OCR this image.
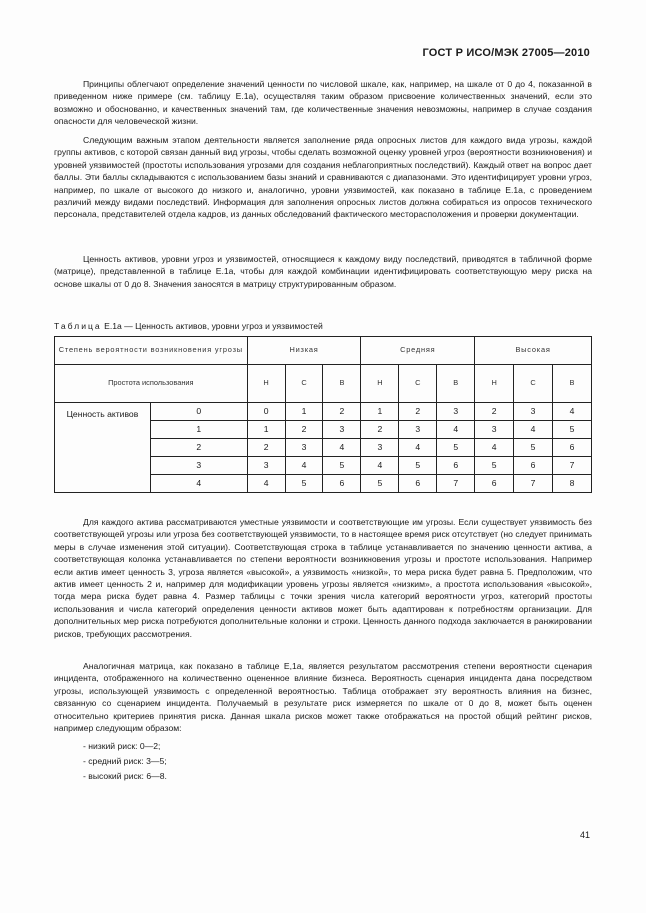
ГОСТ Р ИСО/МЭК 27005—2010

Принципы облегчают определение значений ценности по числовой шкале, как, например, на шкале от 0 до 4, показанной в приведенном ниже примере (см. таблицу Е.1а), осуществляя таким образом присвоение количественных значений, если это возможно и обоснованно, и качественных значений там, где количественные значения невозможны, например в случае создания опасности для человеческой жизни.

Следующим важным этапом деятельности является заполнение ряда опросных листов для каждого вида угрозы, каждой группы активов, с которой связан данный вид угрозы, чтобы сделать возможной оценку уровней угроз (вероятности возникновения) и уровней уязвимостей (простоты использования угрозами для создания неблагоприятных последствий). Каждый ответ на вопрос дает баллы. Эти баллы складываются с использованием базы знаний и сравниваются с диапазонами. Это идентифицирует уровни угроз, например, по шкале от высокого до низкого и, аналогично, уровни уязвимостей, как показано в таблице Е.1а, с проведением различий между видами последствий. Информация для заполнения опросных листов должна собираться из опросов технического персонала, представителей отдела кадров, из данных обследований фактического месторасположения и проверки документации.

Ценность активов, уровни угроз и уязвимостей, относящиеся к каждому виду последствий, приводятся в табличной форме (матрице), представленной в таблице Е.1а, чтобы для каждой комбинации идентифицировать соответствующую меру риска на основе шкалы от 0 до 8. Значения заносятся в матрицу структурированным образом.

Таблица Е.1а — Ценность активов, уровни угроз и уязвимостей
Степень вероятности возникновения угрозы		Низкая			Средняя			Высокая		
Простота использования		Н	С	В	Н	С	В	Н	С	В
Ценность активов	0	0	1	2	1	2	3	2	3	4
	1	1	2	3	2	3	4	3	4	5
	2	2	3	4	3	4	5	4	5	6
	3	3	4	5	4	5	6	5	6	7
	4	4	5	6	5	6	7	6	7	8

Для каждого актива рассматриваются уместные уязвимости и соответствующие им угрозы. Если существует уязвимость без соответствующей угрозы или угроза без соответствующей уязвимости, то в настоящее время риск отсутствует (но следует принимать меры в случае изменения этой ситуации). Соответствующая строка в таблице устанавливается по значению ценности актива, а соответствующая колонка устанавливается по степени вероятности возникновения угрозы и простоте использования. Например если актив имеет ценность 3, угроза является «высокой», а уязвимость «низкой», то мера риска будет равна 5. Предположим, что актив имеет ценность 2 и, например для модификации уровень угрозы является «низким», а простота использования «высокой», тогда мера риска будет равна 4. Размер таблицы с точки зрения числа категорий вероятности угроз, категорий простоты использования и числа категорий определения ценности активов может быть адаптирован к потребностям организации. Для дополнительных мер риска потребуются дополнительные колонки и строки. Ценность данного подхода заключается в ранжировании рисков, требующих рассмотрения.

Аналогичная матрица, как показано в таблице Е,1а, является результатом рассмотрения степени вероятности сценария инцидента, отображенного на количественно оцененное влияние бизнеса. Вероятность сценария инцидента дана посредством угрозы, использующей уязвимость с определенной вероятностью. Таблица отображает эту вероятность влияния на бизнес, связанную со сценарием инцидента. Получаемый в результате риск измеряется по шкале от 0 до 8, может быть оценен относительно критериев принятия риска. Данная шкала рисков может также отображаться на простой общий рейтинг рисков, например следующим образом:

- низкий риск: 0—2;
- средний риск: 3—5;
- высокий риск: 6—8.
41
